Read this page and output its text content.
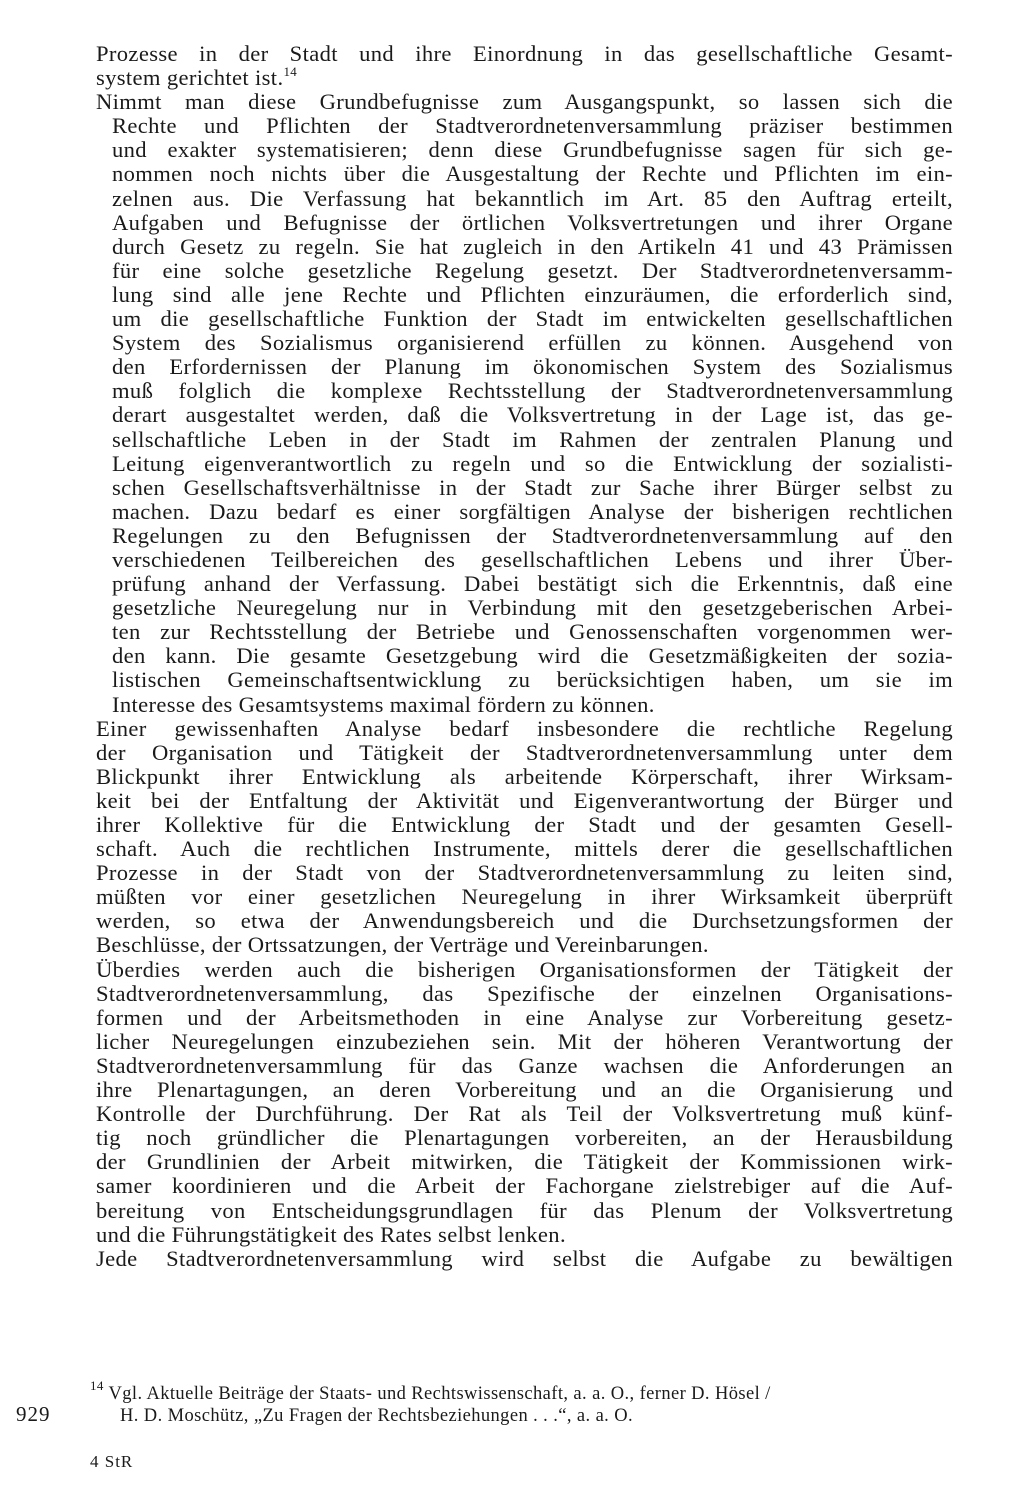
Prozesse in der Stadt und ihre Einordnung in das gesellschaftliche Gesamt-
system gerichtet ist.$^{14}$
Nimmt man diese Grundbefugnisse zum Ausgangspunkt, so lassen sich die
Rechte und Pflichten der Stadtverordnetenversammlung präziser bestimmen
und exakter systematisieren; denn diese Grundbefugnisse sagen für sich ge-
nommen noch nichts über die Ausgestaltung der Rechte und Pflichten im ein-
zelnen aus. Die Verfassung hat bekanntlich im Art. 85 den Auftrag erteilt,
Aufgaben und Befugnisse der örtlichen Volksvertretungen und ihrer Organe
durch Gesetz zu regeln. Sie hat zugleich in den Artikeln 41 und 43 Prämissen
für eine solche gesetzliche Regelung gesetzt. Der Stadtverordnetenversamm-
lung sind alle jene Rechte und Pflichten einzuräumen, die erforderlich sind,
um die gesellschaftliche Funktion der Stadt im entwickelten gesellschaftlichen
System des Sozialismus organisierend erfüllen zu können. Ausgehend von
den Erfordernissen der Planung im ökonomischen System des Sozialismus
muß folglich die komplexe Rechtsstellung der Stadtverordnetenversammlung
derart ausgestaltet werden, daß die Volksvertretung in der Lage ist, das ge-
sellschaftliche Leben in der Stadt im Rahmen der zentralen Planung und
Leitung eigenverantwortlich zu regeln und so die Entwicklung der sozialisti-
schen Gesellschaftsverhältnisse in der Stadt zur Sache ihrer Bürger selbst zu
machen. Dazu bedarf es einer sorgfältigen Analyse der bisherigen rechtlichen
Regelungen zu den Befugnissen der Stadtverordnetenversammlung auf den
verschiedenen Teilbereichen des gesellschaftlichen Lebens und ihrer Über-
prüfung anhand der Verfassung. Dabei bestätigt sich die Erkenntnis, daß eine
gesetzliche Neuregelung nur in Verbindung mit den gesetzgeberischen Arbei-
ten zur Rechtsstellung der Betriebe und Genossenschaften vorgenommen wer-
den kann. Die gesamte Gesetzgebung wird die Gesetzmäßigkeiten der sozia-
listischen Gemeinschaftsentwicklung zu berücksichtigen haben, um sie im
Interesse des Gesamtsystems maximal fördern zu können.
Einer gewissenhaften Analyse bedarf insbesondere die rechtliche Regelung
der Organisation und Tätigkeit der Stadtverordnetenversammlung unter dem
Blickpunkt ihrer Entwicklung als arbeitende Körperschaft, ihrer Wirksam-
keit bei der Entfaltung der Aktivität und Eigenverantwortung der Bürger und
ihrer Kollektive für die Entwicklung der Stadt und der gesamten Gesell-
schaft. Auch die rechtlichen Instrumente, mittels derer die gesellschaftlichen
Prozesse in der Stadt von der Stadtverordnetenversammlung zu leiten sind,
müßten vor einer gesetzlichen Neuregelung in ihrer Wirksamkeit überprüft
werden, so etwa der Anwendungsbereich und die Durchsetzungsformen der
Beschlüsse, der Ortssatzungen, der Verträge und Vereinbarungen.
Überdies werden auch die bisherigen Organisationsformen der Tätigkeit der
Stadtverordnetenversammlung, das Spezifische der einzelnen Organisations-
formen und der Arbeitsmethoden in eine Analyse zur Vorbereitung gesetz-
licher Neuregelungen einzubeziehen sein. Mit der höheren Verantwortung der
Stadtverordnetenversammlung für das Ganze wachsen die Anforderungen an
ihre Plenartagungen, an deren Vorbereitung und an die Organisierung und
Kontrolle der Durchführung. Der Rat als Teil der Volksvertretung muß künf-
tig noch gründlicher die Plenartagungen vorbereiten, an der Herausbildung
der Grundlinien der Arbeit mitwirken, die Tätigkeit der Kommissionen wirk-
samer koordinieren und die Arbeit der Fachorgane zielstrebiger auf die Auf-
bereitung von Entscheidungsgrundlagen für das Plenum der Volksvertretung
und die Führungstätigkeit des Rates selbst lenken.
Jede Stadtverordnetenversammlung wird selbst die Aufgabe zu bewältigen
$^{14}$ Vgl. Aktuelle Beiträge der Staats- und Rechtswissenschaft, a. a. O., ferner D. Hösel /
H. D. Moschütz, „Zu Fragen der Rechtsbeziehungen . . .“, a. a. O.
929
4 StR
